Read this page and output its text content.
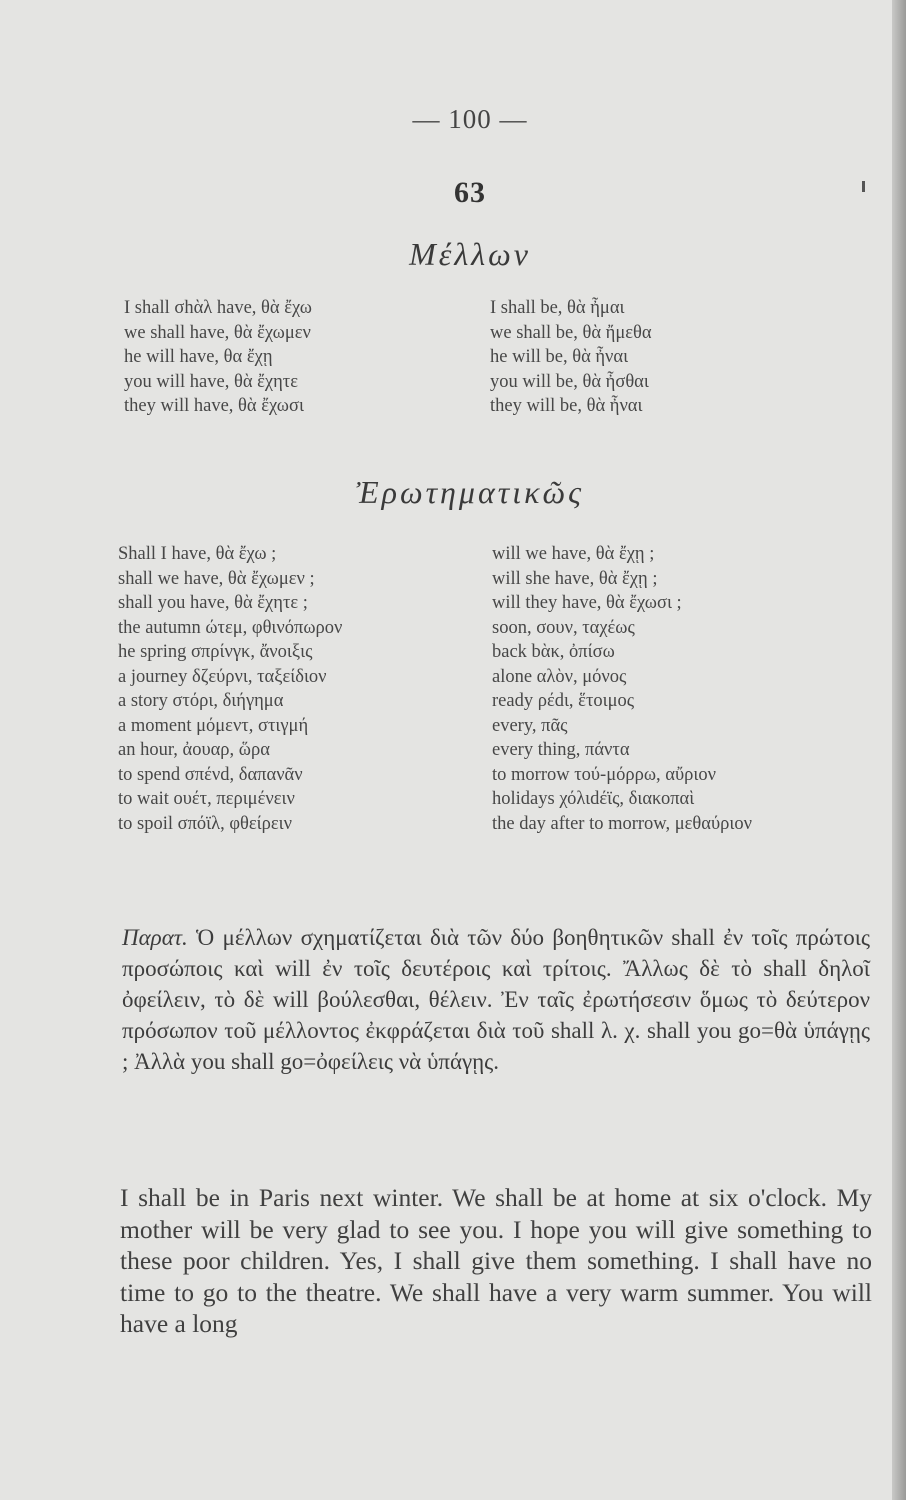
— 100 —
63
Μέλλων
I shall σhὰλ have, θὰ ἔχω
we shall have, θὰ ἔχωμεν
he will have, θα ἔχῃ
you will have, θὰ ἔχητε
they will have, θὰ ἔχωσι
I shall be, θὰ ἦμαι
we shall be, θὰ ἤμεθα
he will be, θὰ ἦναι
you will be, θὰ ἦσθαι
they will be, θὰ ἦναι
Ἐρωτηματικῶς
Shall I have, θὰ ἔχω ;
shall we have, θὰ ἔχωμεν ;
shall you have, θὰ ἔχητε ;
the autumn ώτεμ, φθινόπωρον
he spring σπρίνγκ, ἄνοιξις
a journey δζεύρνι, ταξείδιον
a story στόρι, διήγημα
a moment μόμεντ, στιγμή
an hour, ἀουαρ, ὥρα
to spend σπένd, δαπανᾶν
to wait ουέτ, περιμένειν
to spoil σπόϊλ, φθείρειν
will we have, θὰ ἔχῃ ;
will she have, θὰ ἔχῃ ;
will they have, θὰ ἔχωσι ;
soon, σουν, ταχέως
back bὰκ, ὀπίσω
alone αλὸν, μόνος
ready ρέdι, ἕτοιμος
every, πᾶς
every thing, πάντα
to morrow τού-μόρρω, αὔριον
holidays χόλιdέϊς, διακοπαὶ
the day after to morrow, μεθαύριον
Παρατ. Ὁ μέλλων σχηματίζεται διὰ τῶν δύο βοηθητικῶν shall ἐν τοῖς πρώτοις προσώποις καὶ will ἐν τοῖς δευτέροις καὶ τρίτοις. Ἄλλως δὲ τὸ shall δηλοῖ ὀφείλειν, τὸ δὲ will βούλεσθαι, θέλειν. Ἐν ταῖς ἐρωτήσεσιν ὅμως τὸ δεύτερον πρόσωπον τοῦ μέλλοντος ἐκφράζεται διὰ τοῦ shall λ. χ. shall you go=θὰ ὑπάγῃς ; Ἀλλὰ you shall go=ὀφείλεις νὰ ὑπάγῃς.
I shall be in Paris next winter. We shall be at home at six o'clock. My mother will be very glad to see you. I hope you will give something to these poor children. Yes, I shall give them something. I shall have no time to go to the theatre. We shall have a very warm summer. You will have a long
